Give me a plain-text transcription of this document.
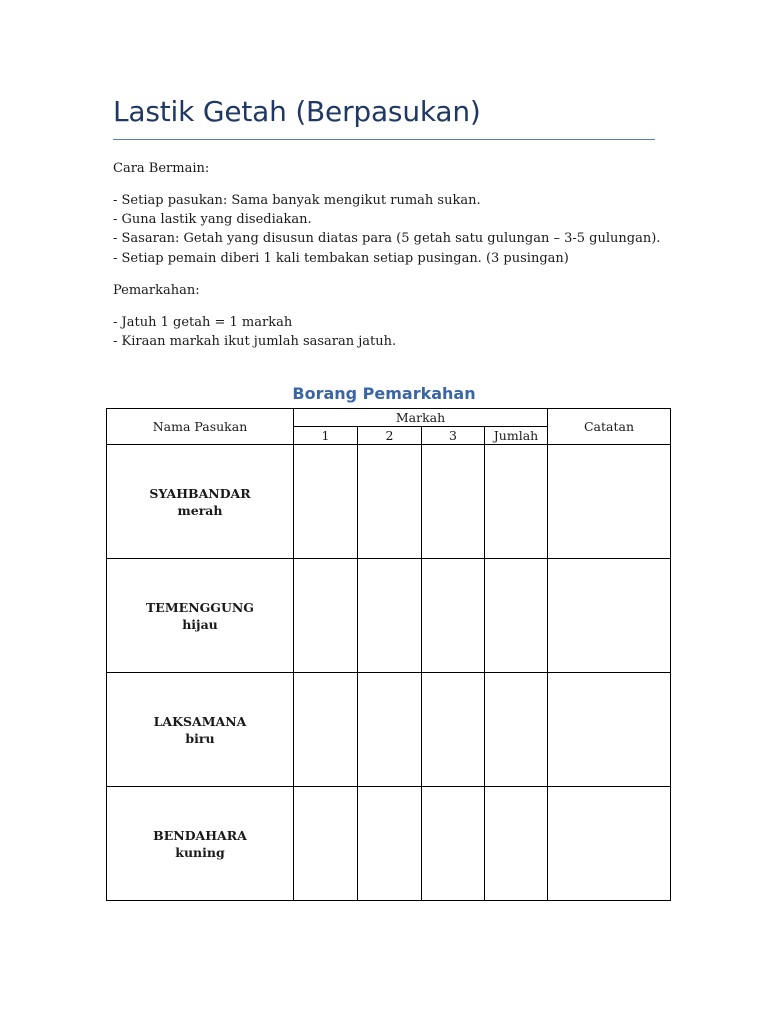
Lastik Getah (Berpasukan)
Cara Bermain:
- Setiap pasukan: Sama banyak mengikut rumah sukan.
- Guna lastik yang disediakan.
- Sasaran: Getah yang disusun diatas para (5 getah satu gulungan – 3-5 gulungan).
- Setiap pemain diberi 1 kali tembakan setiap pusingan. (3 pusingan)
Pemarkahan:
- Jatuh 1 getah = 1 markah
- Kiraan markah ikut jumlah sasaran jatuh.
Borang Pemarkahan
Nama Pasukan	Markah				Catatan
	1	2	3	Jumlah	

SYAHBANDAR
merah					

TEMENGGUNG
hijau					

LAKSAMANA
biru					

BENDAHARA
kuning					
